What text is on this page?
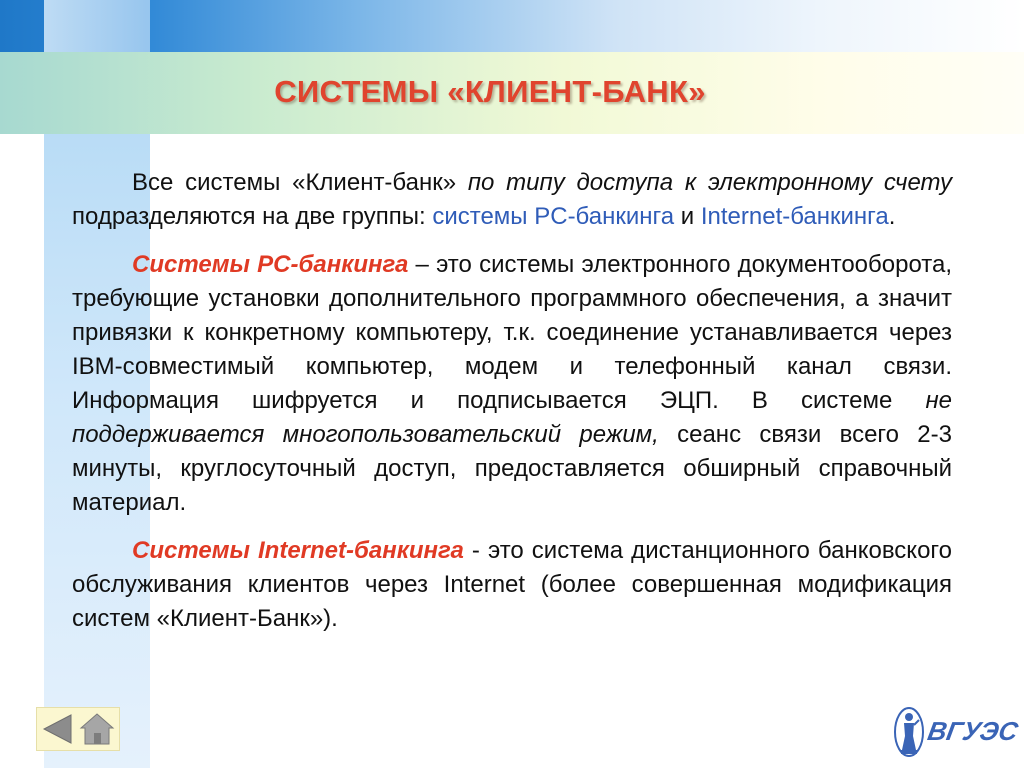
СИСТЕМЫ «КЛИЕНТ-БАНК»

Все системы «Клиент-банк» по типу доступа к электронному счету подразделяются на две группы: системы PC-банкинга и Internet-банкинга.

Системы PC-банкинга – это системы электронного документооборота, требующие установки дополнительного программного обеспечения, а значит привязки к конкретному компьютеру, т.к. соединение устанавливается через IBM-совместимый компьютер, модем и телефонный канал связи. Информация шифруется и подписывается ЭЦП. В системе не поддерживается многопользовательский режим, сеанс связи всего 2-3 минуты, круглосуточный доступ, предоставляется обширный справочный материал.

Системы Internet-банкинга - это система дистанционного банковского обслуживания клиентов через Internet (более совершенная модификация систем «Клиент-Банк»).

ВГУЭС
